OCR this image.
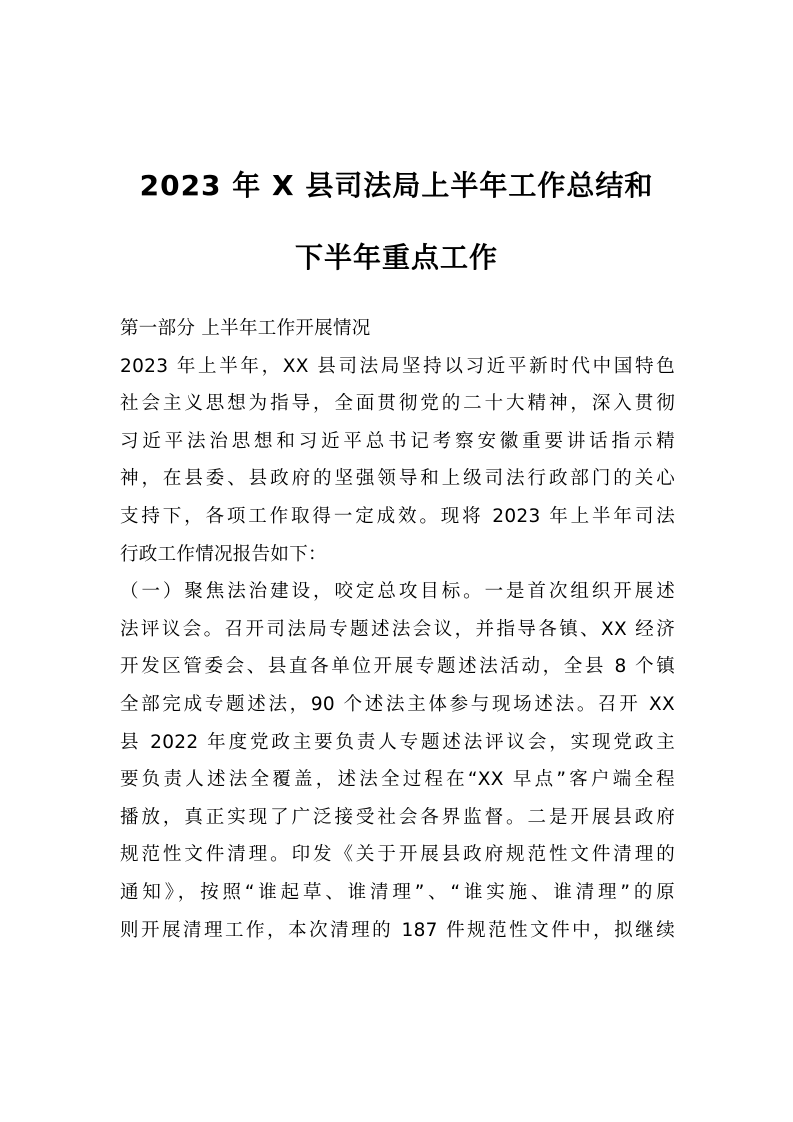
2023 年 X 县司法局上半年工作总结和
下半年重点工作
第一部分 上半年工作开展情况
2023 年上半年，XX 县司法局坚持以习近平新时代中国特色
社会主义思想为指导，全面贯彻党的二十大精神，深入贯彻
习近平法治思想和习近平总书记考察安徽重要讲话指示精
神，在县委、县政府的坚强领导和上级司法行政部门的关心
支持下，各项工作取得一定成效。现将 2023 年上半年司法
行政工作情况报告如下：
（一）聚焦法治建设，咬定总攻目标。一是首次组织开展述
法评议会。召开司法局专题述法会议，并指导各镇、XX 经济
开发区管委会、县直各单位开展专题述法活动，全县 8 个镇
全部完成专题述法，90 个述法主体参与现场述法。召开 XX
县 2022 年度党政主要负责人专题述法评议会，实现党政主
要负责人述法全覆盖，述法全过程在“XX 早点”客户端全程
播放，真正实现了广泛接受社会各界监督。二是开展县政府
规范性文件清理。印发《关于开展县政府规范性文件清理的
通知》，按照“谁起草、谁清理”、“谁实施、谁清理”的原
则开展清理工作，本次清理的 187 件规范性文件中，拟继续
